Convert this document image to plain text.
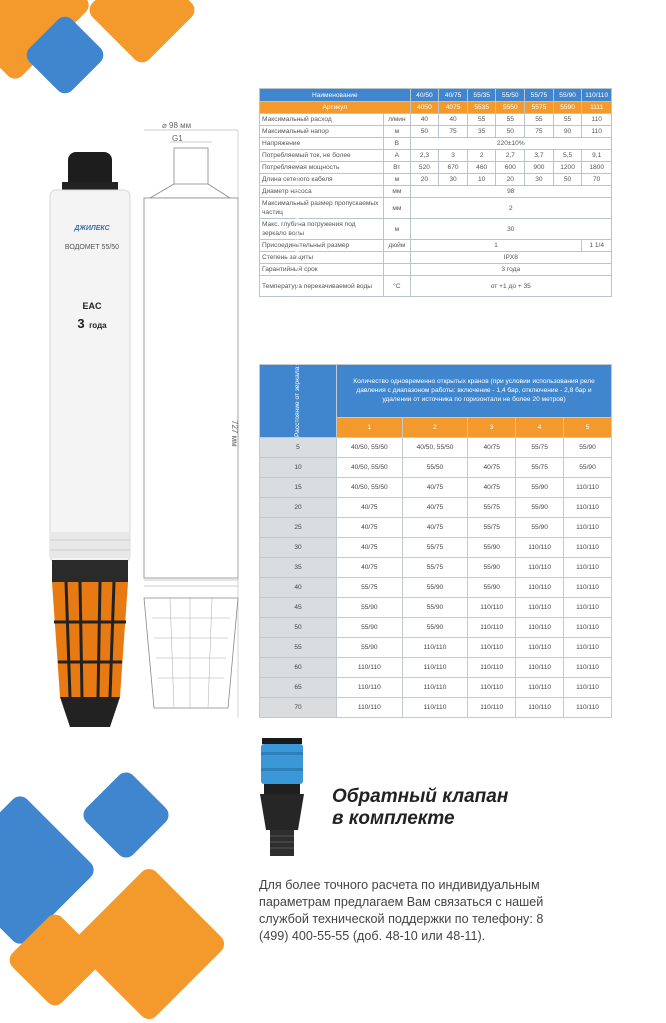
ДЖИЛЕКС
ВОДОМЕТ 55/50
EAC
3 года
⌀ 98 мм
G1
727 мм
Наименование		40/50	40/75	55/35	55/50	55/75	55/90	110/110
Артикул		4050	4075	5535	5550	5575	5590	1111
Максимальный расход	л/мин	40	40	55	55	55	55	110
Максимальный напор	м	50	75	35	50	75	90	110
Напряжение	В	220±10%						
Потребляемый ток, не более	А	2,3	3	2	2,7	3,7	5,5	9,1
Потребляемая мощность	Вт	520	670	460	600	900	1200	1800
Длина сетевого кабеля	м	20	30	10	20	30	50	70
Диаметр насоса	мм	98						
Максимальный размер пропускаемых частиц	мм	2						
Макс. глубина погружения под зеркало воды	м	30						
Присоединительный размер	дюйм	1						1 1/4
Степень защиты		IPX8						
Гарантийный срок		3 года						
Температура перекачиваемой воды	°С	от +1 до + 35						
Расстояние от зеркала воды (динамический уровень) до реле давления (по вертикали), м	Количество одновременно открытых кранов (при условии использования реле давления с диапазоном работы: включение - 1,4 бар, отключение - 2,8 бар и удалении от источника по горизонтали не более 20 метров)				
	1	2	3	4	5
5	40/50, 55/50	40/50, 55/50	40/75	55/75	55/90
10	40/50, 55/50	55/50	40/75	55/75	55/90
15	40/50, 55/50	40/75	40/75	55/90	110/110
20	40/75	40/75	55/75	55/90	110/110
25	40/75	40/75	55/75	55/90	110/110
30	40/75	55/75	55/90	110/110	110/110
35	40/75	55/75	55/90	110/110	110/110
40	55/75	55/90	55/90	110/110	110/110
45	55/90	55/90	110/110	110/110	110/110
50	55/90	55/90	110/110	110/110	110/110
55	55/90	110/110	110/110	110/110	110/110
60	110/110	110/110	110/110	110/110	110/110
65	110/110	110/110	110/110	110/110	110/110
70	110/110	110/110	110/110	110/110	110/110
Обратный клапан
в комплекте
Для более точного расчета по индивидуальным параметрам предлагаем Вам связаться с нашей службой технической поддержки по телефону: 8 (499) 400-55-55 (доб. 48-10 или 48-11).
